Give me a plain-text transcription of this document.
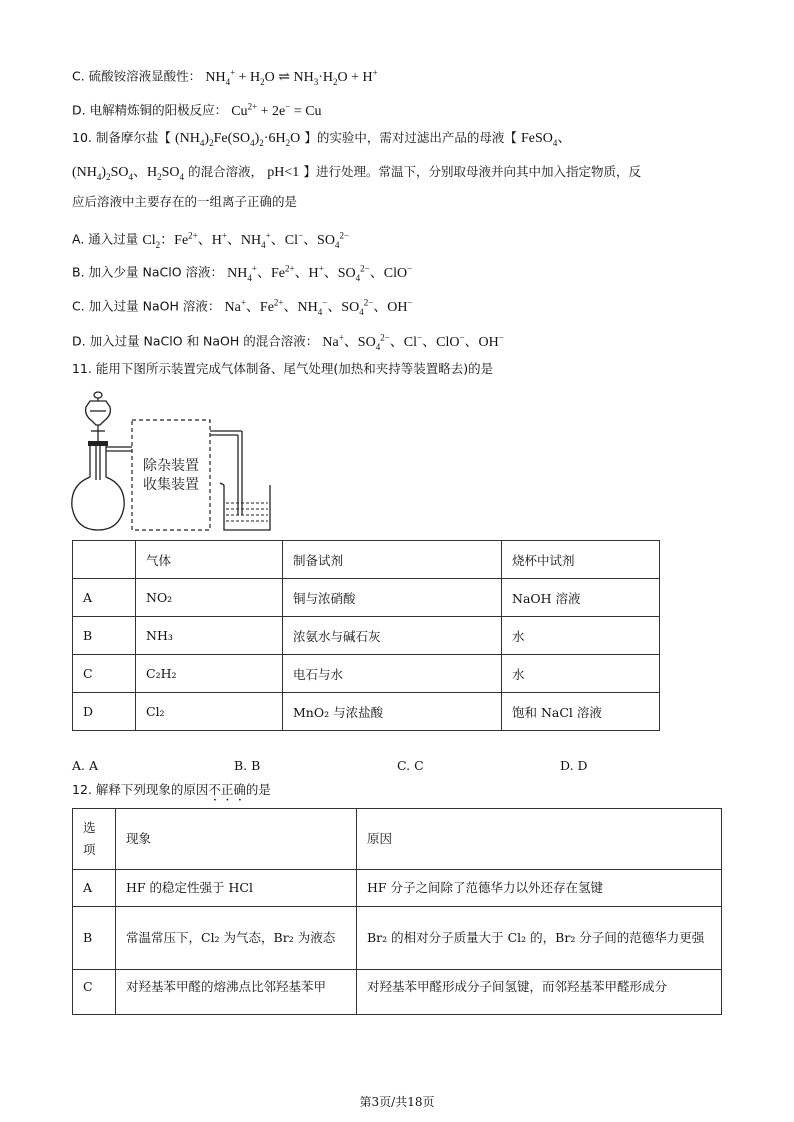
C. 硫酸铵溶液显酸性： $NH_4^+ + H_2O$ ⇌ $NH_3\cdot H_2O + H^+$
D. 电解精炼铜的阳极反应： $Cu^{2+} + 2e^- = Cu$
10. 制备摩尔盐【 $(NH_4)_2Fe(SO_4)_2\cdot 6H_2O$ 】的实验中，需对过滤出产品的母液【 FeSO$_4$、
$(NH_4)_2SO_4$、$H_2SO_4$ 的混合溶液， pH<1 】进行处理。常温下，分别取母液并向其中加入指定物质，反
应后溶液中主要存在的一组离子正确的是
A. 通入过量 $Cl_2$：$Fe^{2+}$、H+、$NH_4^+$、Cl−、$SO_4^{2-}$
B. 加入少量 NaClO 溶液： $NH_4^+$、$Fe^{2+}$、H+、$SO_4^{2-}$、ClO−
C. 加入过量 NaOH 溶液： Na+、$Fe^{2+}$、$NH_4^-$、$SO_4^{2-}$、OH−
D. 加入过量 NaClO 和 NaOH 的混合溶液： Na+、$SO_4^{2-}$、Cl−、ClO−、OH−
11. 能用下图所示装置完成气体制备、尾气处理(加热和夹持等装置略去)的是
除杂装置
收集装置
	气体	制备试剂	烧杯中试剂
A	NO₂	铜与浓硝酸	NaOH 溶液
B	NH₃	浓氨水与碱石灰	水
C	C₂H₂	电石与水	水
D	Cl₂	MnO₂ 与浓盐酸	饱和 NaCl 溶液
A. A	B. B	C. C	D. D
12. 解释下列现象的原因不正确的是
选项	现象	原因
A	HF 的稳定性强于 HCl	HF 分子之间除了范德华力以外还存在氢键
B	常温常压下，Cl₂ 为气态，Br₂ 为液态	Br₂ 的相对分子质量大于 Cl₂ 的，Br₂ 分子间的范德华力更强
C	对羟基苯甲醛的熔沸点比邻羟基苯甲	对羟基苯甲醛形成分子间氢键，而邻羟基苯甲醛形成分
第3页/共18页
